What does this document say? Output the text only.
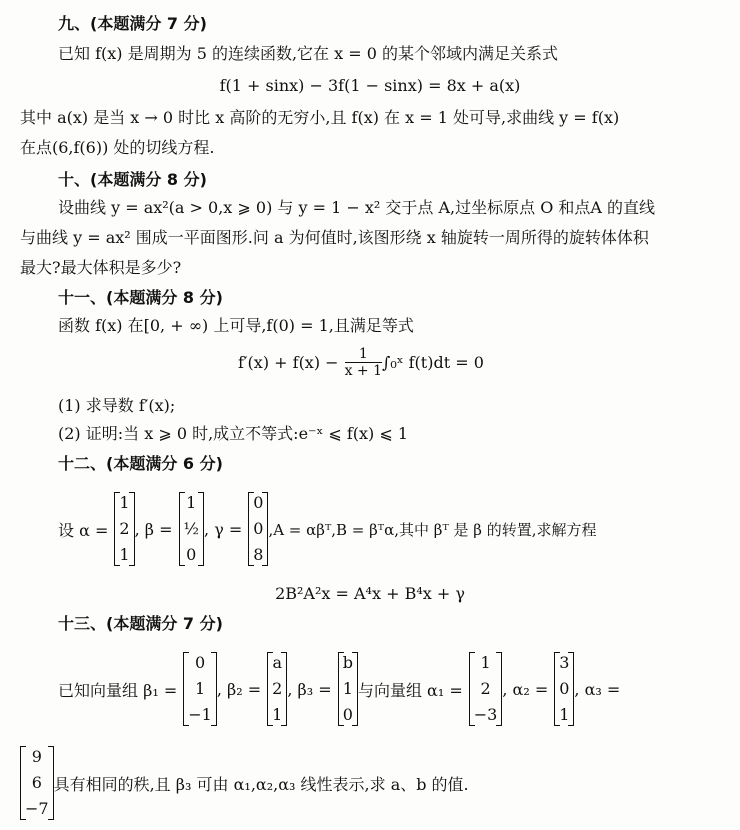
九、(本题满分 7 分)
已知 f(x) 是周期为 5 的连续函数,它在 x = 0 的某个邻域内满足关系式
f(1 + sinx) − 3f(1 − sinx) = 8x + a(x)
其中 a(x) 是当 x → 0 时比 x 高阶的无穷小,且 f(x) 在 x = 1 处可导,求曲线 y = f(x)
在点(6,f(6)) 处的切线方程.
十、(本题满分 8 分)
设曲线 y = ax²(a > 0,x ⩾ 0) 与 y = 1 − x² 交于点 A,过坐标原点 O 和点A 的直线
与曲线 y = ax² 围成一平面图形.问 a 为何值时,该图形绕 x 轴旋转一周所得的旋转体体积
最大?最大体积是多少?
十一、(本题满分 8 分)
函数 f(x) 在[0, + ∞) 上可导,f(0) = 1,且满足等式
$f'(x) + f(x) - \frac{1}{x + 1}$ ∫₀ˣ f(t)dt = 0
(1) 求导数 f′(x);
(2) 证明:当 x ⩾ 0 时,成立不等式:e⁻ˣ ⩽ f(x) ⩽ 1
十二、(本题满分 6 分)
设 α =
1
2
1
, β =
1
½
0
, γ =
0
0
8
,A = αβᵀ,B = βᵀα,其中 βᵀ 是 β 的转置,求解方程
2B²A²x = A⁴x + B⁴x + γ
十三、(本题满分 7 分)
已知向量组 β₁ =
0
1
−1
, β₂ =
a
2
1
, β₃ =
b
1
0
与向量组 α₁ =
1
2
−3
, α₂ =
3
0
1
, α₃ =
9
6
−7
具有相同的秩,且 β₃ 可由 α₁,α₂,α₃ 线性表示,求 a、b 的值.
